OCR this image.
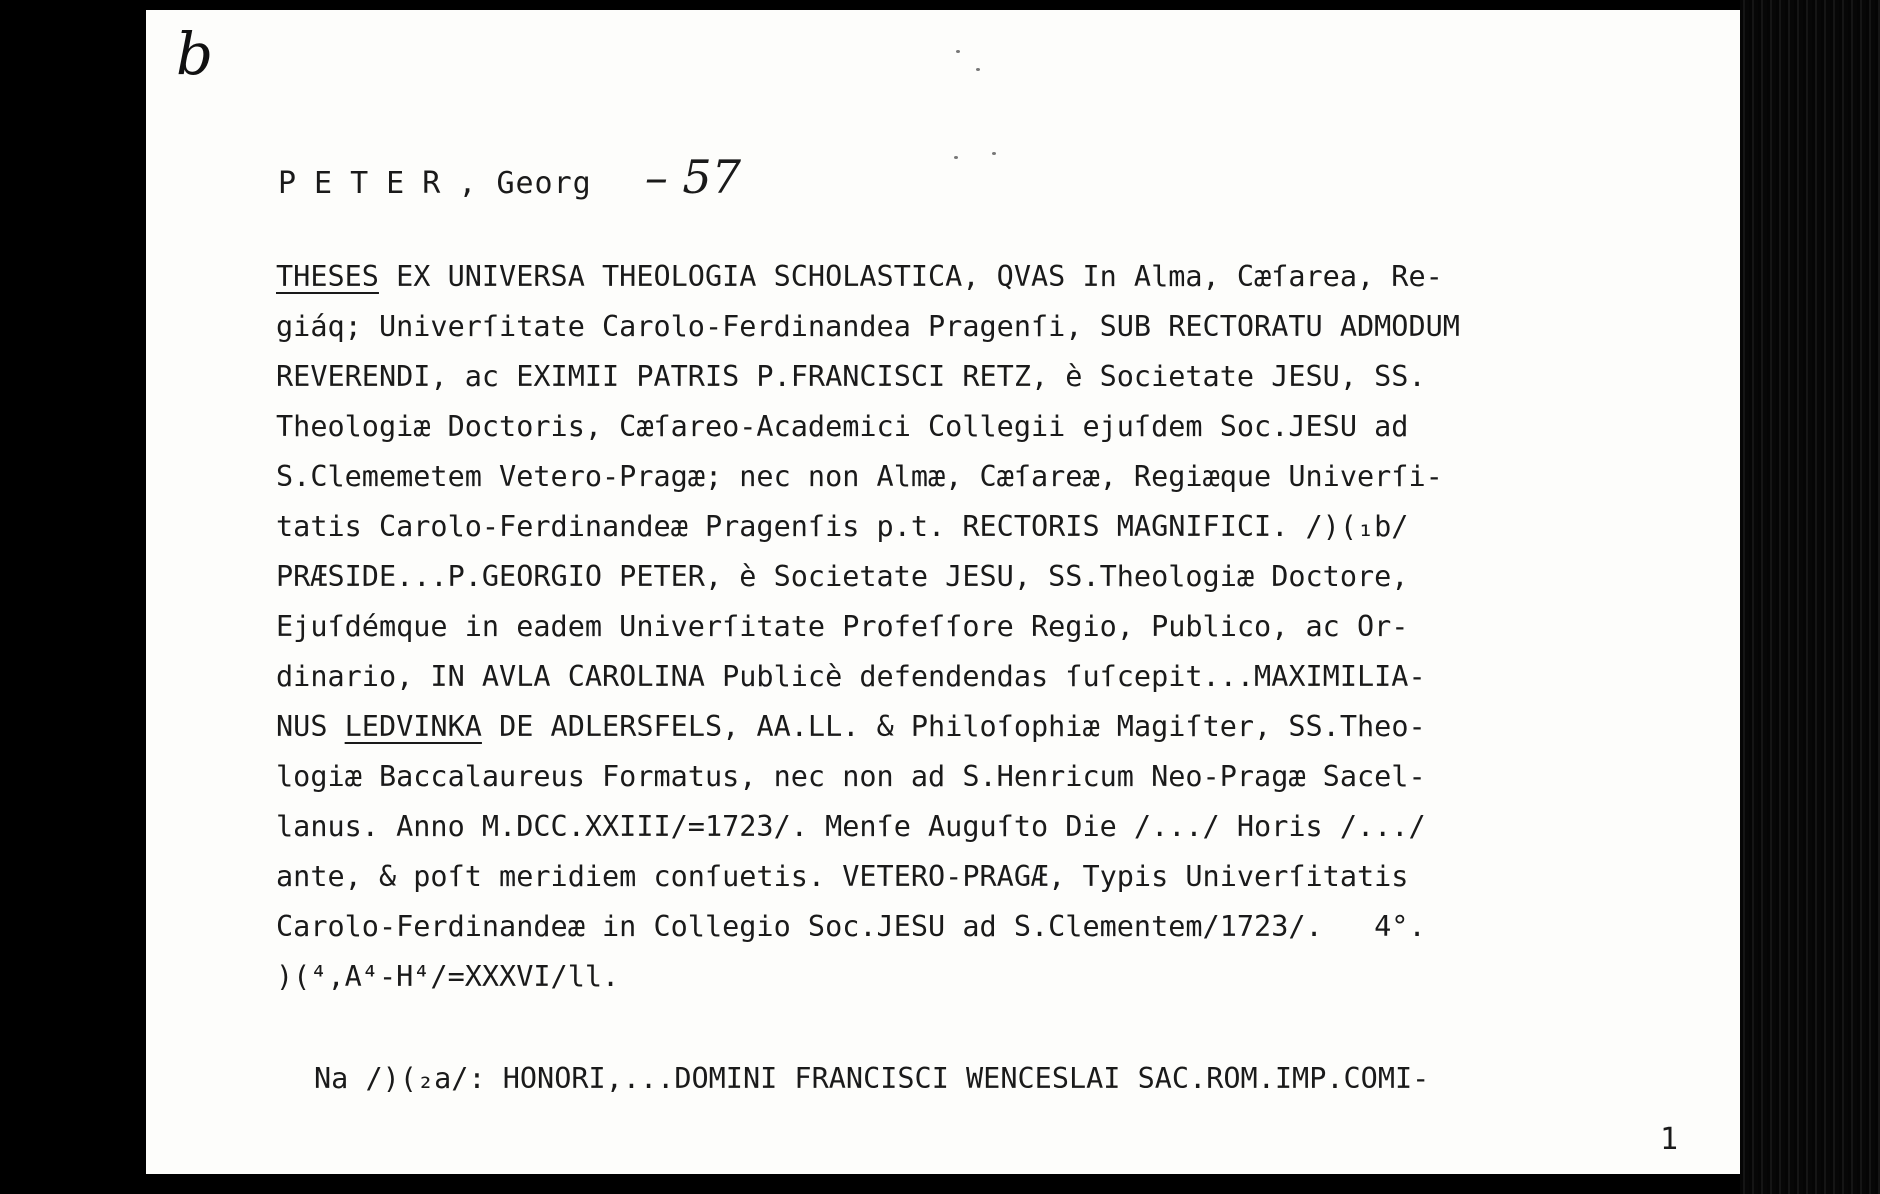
b
PETER, Georg – 57
THESES EX UNIVERSA THEOLOGIA SCHOLASTICA, QVAS In Alma, Cæſarea, Re-
giáq; Univerſitate Carolo-Ferdinandea Pragenſi, SUB RECTORATU ADMODUM
REVERENDI, ac EXIMII PATRIS P.FRANCISCI RETZ, è Societate JESU, SS.
Theologiæ Doctoris, Cæſareo-Academici Collegii ejuſdem Soc.JESU ad
S.Clememetem Vetero-Pragæ; nec non Almæ, Cæſareæ, Regiæque Univerſi-
tatis Carolo-Ferdinandeæ Pragenſis p.t. RECTORIS MAGNIFICI. /)(₁b/
PRÆSIDE...P.GEORGIO PETER, è Societate JESU, SS.Theologiæ Doctore,
Ejuſdémque in eadem Univerſitate Profeſſore Regio, Publico, ac Or-
dinario, IN AVLA CAROLINA Publicè defendendas ſuſcepit...MAXIMILIA-
NUS LEDVINKA DE ADLERSFELS, AA.LL. & Philoſophiæ Magiſter, SS.Theo-
logiæ Baccalaureus Formatus, nec non ad S.Henricum Neo-Pragæ Sacel-
lanus. Anno M.DCC.XXIII/=1723/. Menſe Auguſto Die /.../ Horis /.../
ante, & poſt meridiem conſuetis. VETERO-PRAGÆ, Typis Univerſitatis
Carolo-Ferdinandeæ in Collegio Soc.JESU ad S.Clementem/1723/.   4°.
)(⁴,A⁴-H⁴/=XXXVI/ll.
Na /)(₂a/: HONORI,...DOMINI FRANCISCI WENCESLAI SAC.ROM.IMP.COMI-
1
